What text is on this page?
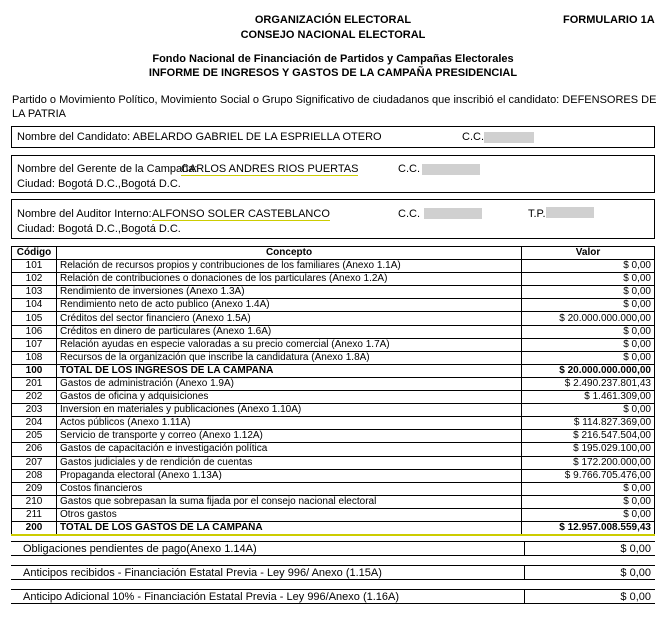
ORGANIZACIÓN ELECTORAL
CONSEJO NACIONAL ELECTORAL
FORMULARIO 1A
Fondo Nacional de Financiación de Partidos y Campañas Electorales
INFORME DE INGRESOS Y GASTOS DE LA CAMPAÑA PRESIDENCIAL
Partido o Movimiento Político, Movimiento Social o Grupo Significativo de ciudadanos que inscribió el candidato: DEFENSORES DE
LA PATRIA
Nombre del Candidato: ABELARDO GABRIEL DE LA ESPRIELLA OTERO	C.C.
Nombre del Gerente de la Campaña:
CARLOS ANDRES RIOS PUERTAS	C.C.
Ciudad: Bogotá D.C.,Bogotá D.C.
Nombre del Auditor Interno: ALFONSO SOLER CASTEBLANCO	C.C.	T.P.
Ciudad: Bogotá D.C.,Bogotá D.C.
Código	Concepto	Valor
101	Relación de recursos propios y contribuciones de los familiares (Anexo 1.1A)	$ 0,00
102	Relación de contribuciones o donaciones de los particulares (Anexo 1.2A)	$ 0,00
103	Rendimiento de inversiones (Anexo 1.3A)	$ 0,00
104	Rendimiento neto de acto publico (Anexo 1.4A)	$ 0,00
105	Créditos del sector financiero (Anexo 1.5A)	$ 20.000.000.000,00
106	Créditos en dinero de particulares (Anexo 1.6A)	$ 0,00
107	Relación ayudas en especie valoradas a su precio comercial (Anexo 1.7A)	$ 0,00
108	Recursos de la organización que inscribe la candidatura (Anexo 1.8A)	$ 0,00
100	TOTAL DE LOS INGRESOS DE LA CAMPAÑA	$ 20.000.000.000,00
201	Gastos de administración (Anexo 1.9A)	$ 2.490.237.801,43
202	Gastos de oficina y adquisiciones	$ 1.461.309,00
203	Inversion en materiales y publicaciones (Anexo 1.10A)	$ 0,00
204	Actos públicos (Anexo 1.11A)	$ 114.827.369,00
205	Servicio de transporte y correo (Anexo 1.12A)	$ 216.547.504,00
206	Gastos de capacitación e investigación política	$ 195.029.100,00
207	Gastos judiciales y de rendición de cuentas	$ 172.200.000,00
208	Propaganda electoral (Anexo 1.13A)	$ 9.766.705.476,00
209	Costos financieros	$ 0,00
210	Gastos que sobrepasan la suma fijada por el consejo nacional electoral	$ 0,00
211	Otros gastos	$ 0,00
200	TOTAL DE LOS GASTOS DE LA CAMPAÑA	$ 12.957.008.559,43
Obligaciones pendientes de pago(Anexo 1.14A)	$ 0,00
Anticipos recibidos - Financiación Estatal Previa - Ley 996/ Anexo (1.15A)	$ 0,00
Anticipo Adicional 10% - Financiación Estatal Previa - Ley 996/Anexo (1.16A)	$ 0,00
